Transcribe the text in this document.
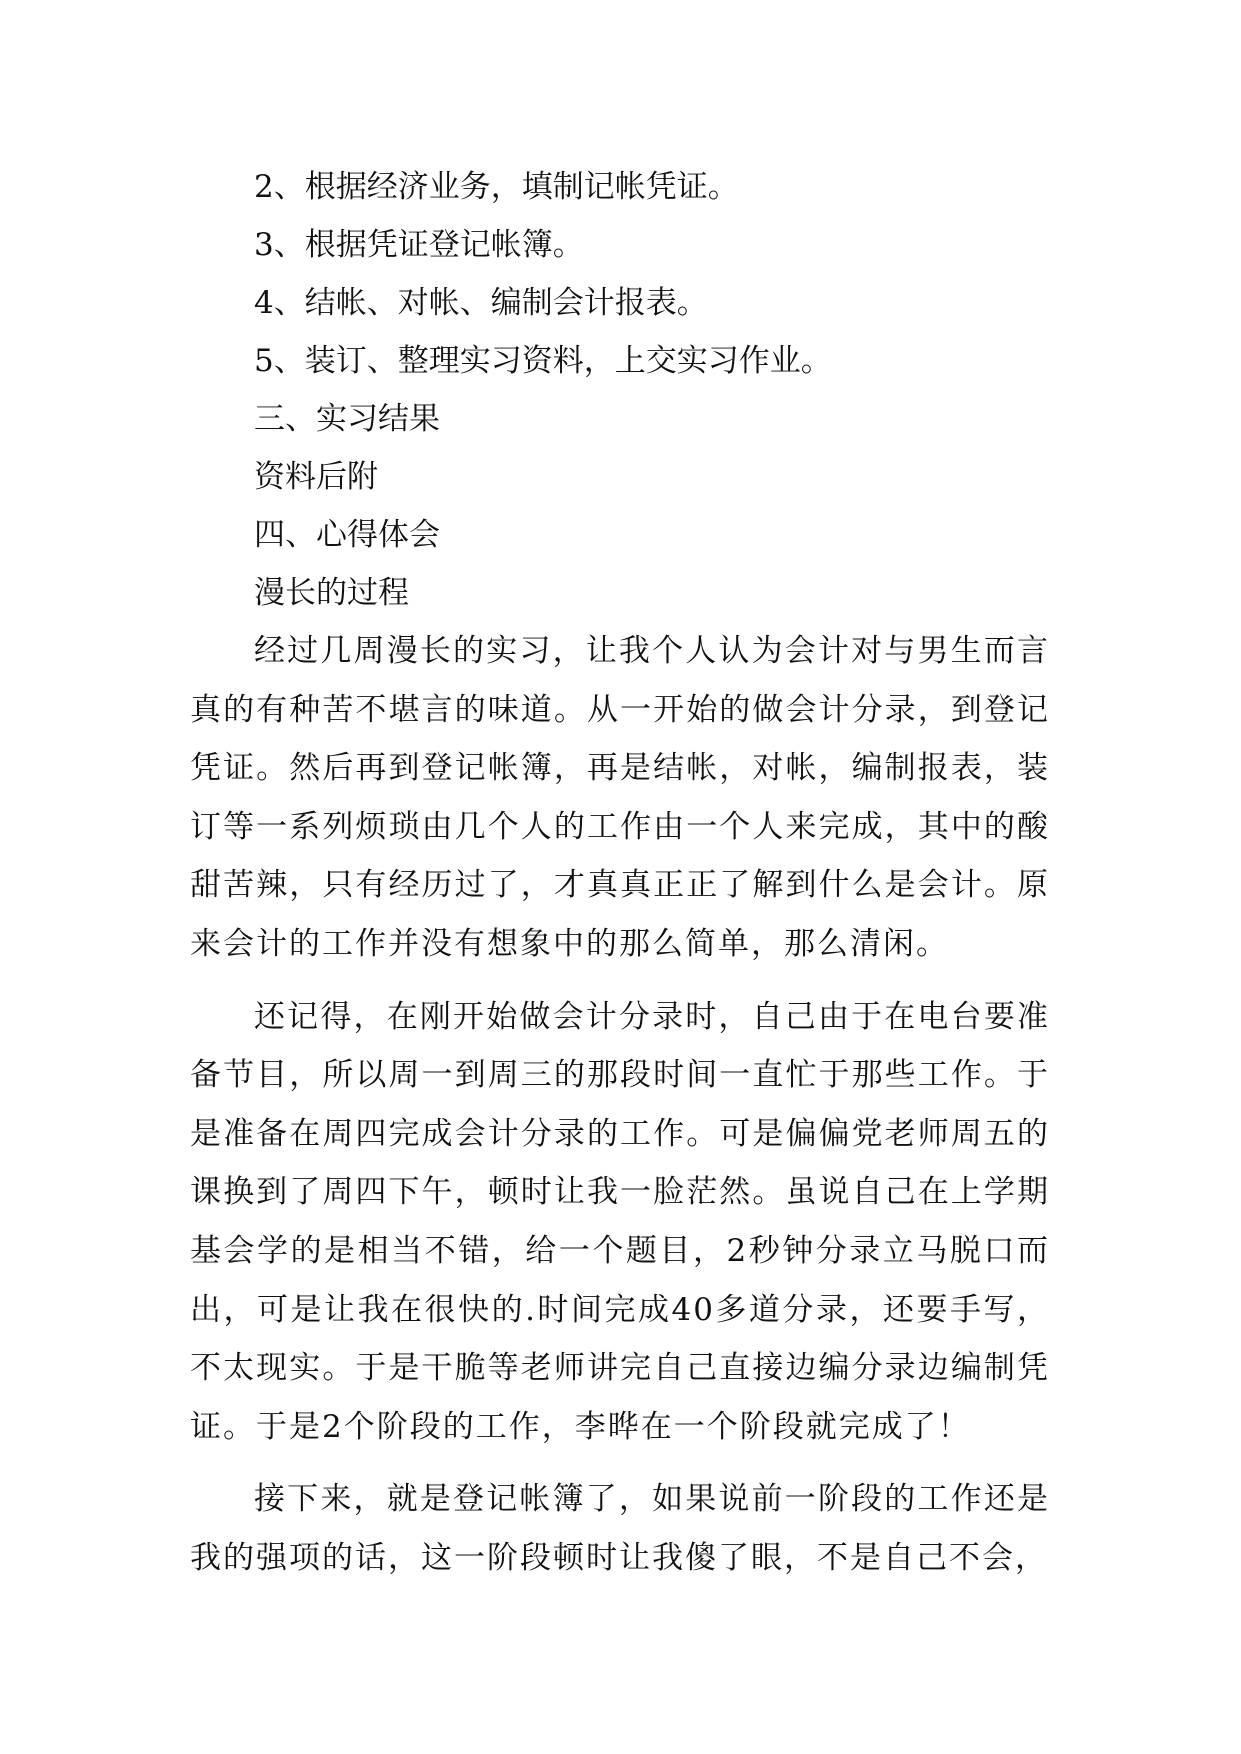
2、根据经济业务，填制记帐凭证。
3、根据凭证登记帐簿。
4、结帐、对帐、编制会计报表。
5、装订、整理实习资料，上交实习作业。
三、实习结果
资料后附
四、心得体会
漫长的过程

经过几周漫长的实习，让我个人认为会计对与男生而言真的有种苦不堪言的味道。从一开始的做会计分录，到登记凭证。然后再到登记帐簿，再是结帐，对帐，编制报表，装订等一系列烦琐由几个人的工作由一个人来完成，其中的酸甜苦辣，只有经历过了，才真真正正了解到什么是会计。原来会计的工作并没有想象中的那么简单，那么清闲。

还记得，在刚开始做会计分录时，自己由于在电台要准备节目，所以周一到周三的那段时间一直忙于那些工作。于是准备在周四完成会计分录的工作。可是偏偏党老师周五的课换到了周四下午，顿时让我一脸茫然。虽说自己在上学期基会学的是相当不错，给一个题目，2秒钟分录立马脱口而出，可是让我在很快的.时间完成40多道分录，还要手写，不太现实。于是干脆等老师讲完自己直接边编分录边编制凭证。于是2个阶段的工作，李晔在一个阶段就完成了！

接下来，就是登记帐簿了，如果说前一阶段的工作还是我的强项的话，这一阶段顿时让我傻了眼，不是自己不会，
